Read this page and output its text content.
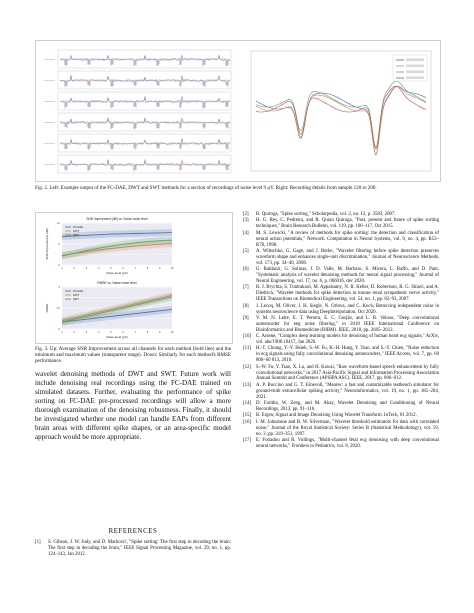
Fig. 2. Left: Example output of the FC-DAE, DWT and SWT methods for a section of recordings of noise level 9 μV. Right: Recording details from sample 120 to 200.
SNR Imprvement (dB) vs. Noise noise level
SNR Improvement (dB)
Noise level (μV)
1	2	3	4	5	6	7	8	9	10
-2
5
12
FC-DAE
DWT
SWT
RMSE vs. Noise noise level
RMSE
Noise level (μV)
1	2	3	4	5	6	7	8	9	10
0
1.5
3
FC-DAE
DWT
SWT
Fig. 3. Up: Average SNR Improvement across all channels for each method (bold line) and the minimum and maximum values (transparent range). Down: Similarly for each method's RMSE performance.
wavelet denoising methods of DWT and SWT. Future work will include denoising real recordings using the FC-DAE trained on simulated datasets. Further, evaluating the performance of spike sorting on FC-DAE pre-processed recordings will allow a more thorough examination of the denoising robustness. Finally, it should be investigated whether one model can handle EAPs from different brain areas with different spike shapes, or an area-specific model approach would be more appropriate.
REFERENCES
[1]	S. Gibson, J. W. Judy, and D. Marković, "Spike sorting: The first step in decoding the brain: The first step in decoding the brain," IEEE Signal Processing Magazine, vol. 29, no. 1, pp. 124–143, Jan 2012.
[2]	R. Quiroga, "Spike sorting," Scholarpedia, vol. 2, no. 12, p. 3583, 2007.
[3]	H. G. Rey, C. Pedreira, and R. Quian Quiroga, "Past, present and future of spike sorting techniques," Brain Research Bulletin, vol. 119, pp. 106–117, Oct 2015.
[4]	M. S. Lewicki, "A review of methods for spike sorting: the detection and classification of neural action potentials," Network: Computation in Neural Systems, vol. 9, no. 4, pp. R53–R78, 1998.
[5]	A. Wiltschko, G. Gage, and J. Berke, "Wavelet filtering before spike detection preserves waveform shape and enhances single-unit discrimination," Journal of Neuroscience Methods, vol. 173, pp. 34–40, 2008.
[6]	G. Baldazzi, G. Solinas, J. D. Valle, M. Barbaro, S. Micera, L. Raffo, and D. Pani, "Systematic analysis of wavelet denoising methods for neural signal processing," Journal of Neural Engineering, vol. 17, no. 6, p. 066016, dec 2020.
[7]	R. J. Brychta, S. Tuntrakool, M. Appalsamy, N. R. Keller, D. Robertson, R. G. Shiavi, and A. Diedrich, "Wavelet methods for spike detection in mouse renal sympathetic nerve activity," IEEE Transactions on Biomedical Engineering, vol. 54, no. 1, pp. 82–93, 2007.
[8]	J. Lecoq, M. Oliver, J. H. Siegle, N. Orlova, and C. Koch, Removing independent noise in systems neuroscience data using DeepInterpolation, Oct 2020.
[9]	V. M. N. Leite, E. T. Pereira, E. C. Gurjão, and L. R. Veloso, "Deep convolutional autoencoder for eeg noise filtering," in 2018 IEEE International Conference on Bioinformatics and Biomedicine (BIBM). IEEE, 2018, pp. 2605–2612.
[10]	C. Arsene, "Complex deep learning models for denoising of human heart ecg signals," ArXiv, vol. abs/1908.10417, Jan 2020.
[11]	H.-T. Chiang, Y.-Y. Hsieh, S.-W. Fu, K.-H. Hung, Y. Tsao, and S.-Y. Chien, "Noise reduction in ecg signals using fully convolutional denoising autoencoders," IEEE Access, vol. 7, pp. 60 806–60 813, 2019.
[12]	S.-W. Fu, Y. Tsao, X. Lu, and H. Kawai, "Raw waveform-based speech enhancement by fully convolutional networks," in 2017 Asia-Pacific Signal and Information Processing Association Annual Summit and Conference (APSIPA ASC). IEEE, 2017, pp. 006–012.
[13]	A. P. Buccino and G. T. Einevoll, "Mearec: a fast and customizable testbench simulator for ground-truth extracellular spiking activity," Neuroinformatics, vol. 19, no. 1, pp. 185–204, 2021.
[14]	D. Faritha, W. Zeng, and M. Akay, Wavelet Denoising and Conditioning of Neural Recordings, 2013, pp. 91–116.
[15]	B. Ergen, Signal and Image Denoising Using Wavelet Transform. InTech, 01 2012.
[16]	I. M. Johnstone and B. W. Silverman, "Wavelet threshold estimators for data with correlated noise," Journal of the Royal Statistical Society: Series B (Statistical Methodology), vol. 59, no. 2, pp. 319–351, 1997.
[17]	E. Fotiadou and R. Vullings, "Multi-channel fetal ecg denoising with deep convolutional neural networks," Frontiers in Pediatrics, vol. 8, 2020.
